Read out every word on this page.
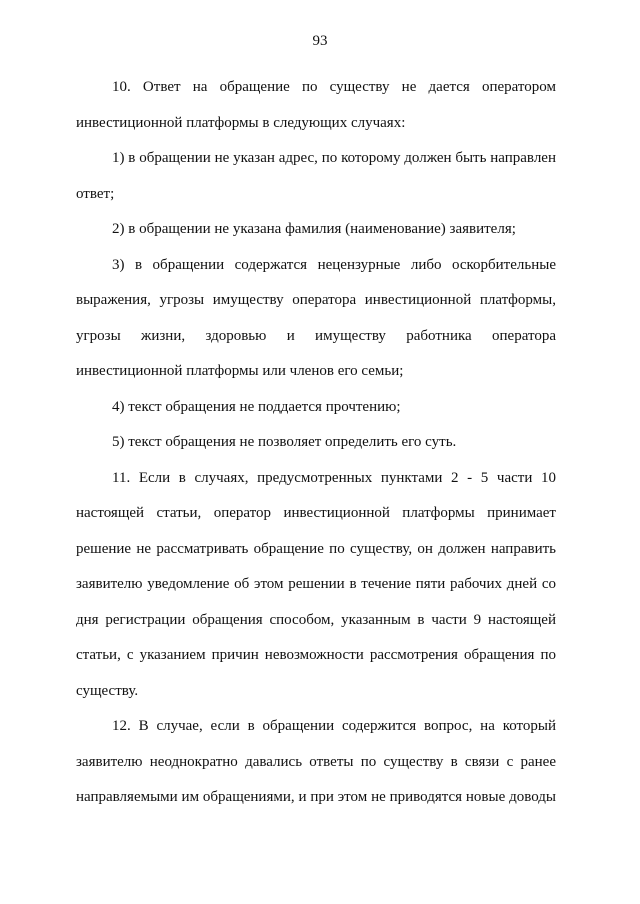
93

10. Ответ на обращение по существу не дается оператором инвестиционной платформы в следующих случаях:

1) в обращении не указан адрес, по которому должен быть направлен ответ;

2) в обращении не указана фамилия (наименование) заявителя;

3) в обращении содержатся нецензурные либо оскорбительные выражения, угрозы имуществу оператора инвестиционной платформы, угрозы жизни, здоровью и имуществу работника оператора инвестиционной платформы или членов его семьи;

4) текст обращения не поддается прочтению;

5) текст обращения не позволяет определить его суть.

11. Если в случаях, предусмотренных пунктами 2 - 5 части 10 настоящей статьи, оператор инвестиционной платформы принимает решение не рассматривать обращение по существу, он должен направить заявителю уведомление об этом решении в течение пяти рабочих дней со дня регистрации обращения способом, указанным в части 9 настоящей статьи, с указанием причин невозможности рассмотрения обращения по существу.

12. В случае, если в обращении содержится вопрос, на который заявителю неоднократно давались ответы по существу в связи с ранее направляемыми им обращениями, и при этом не приводятся новые доводы
